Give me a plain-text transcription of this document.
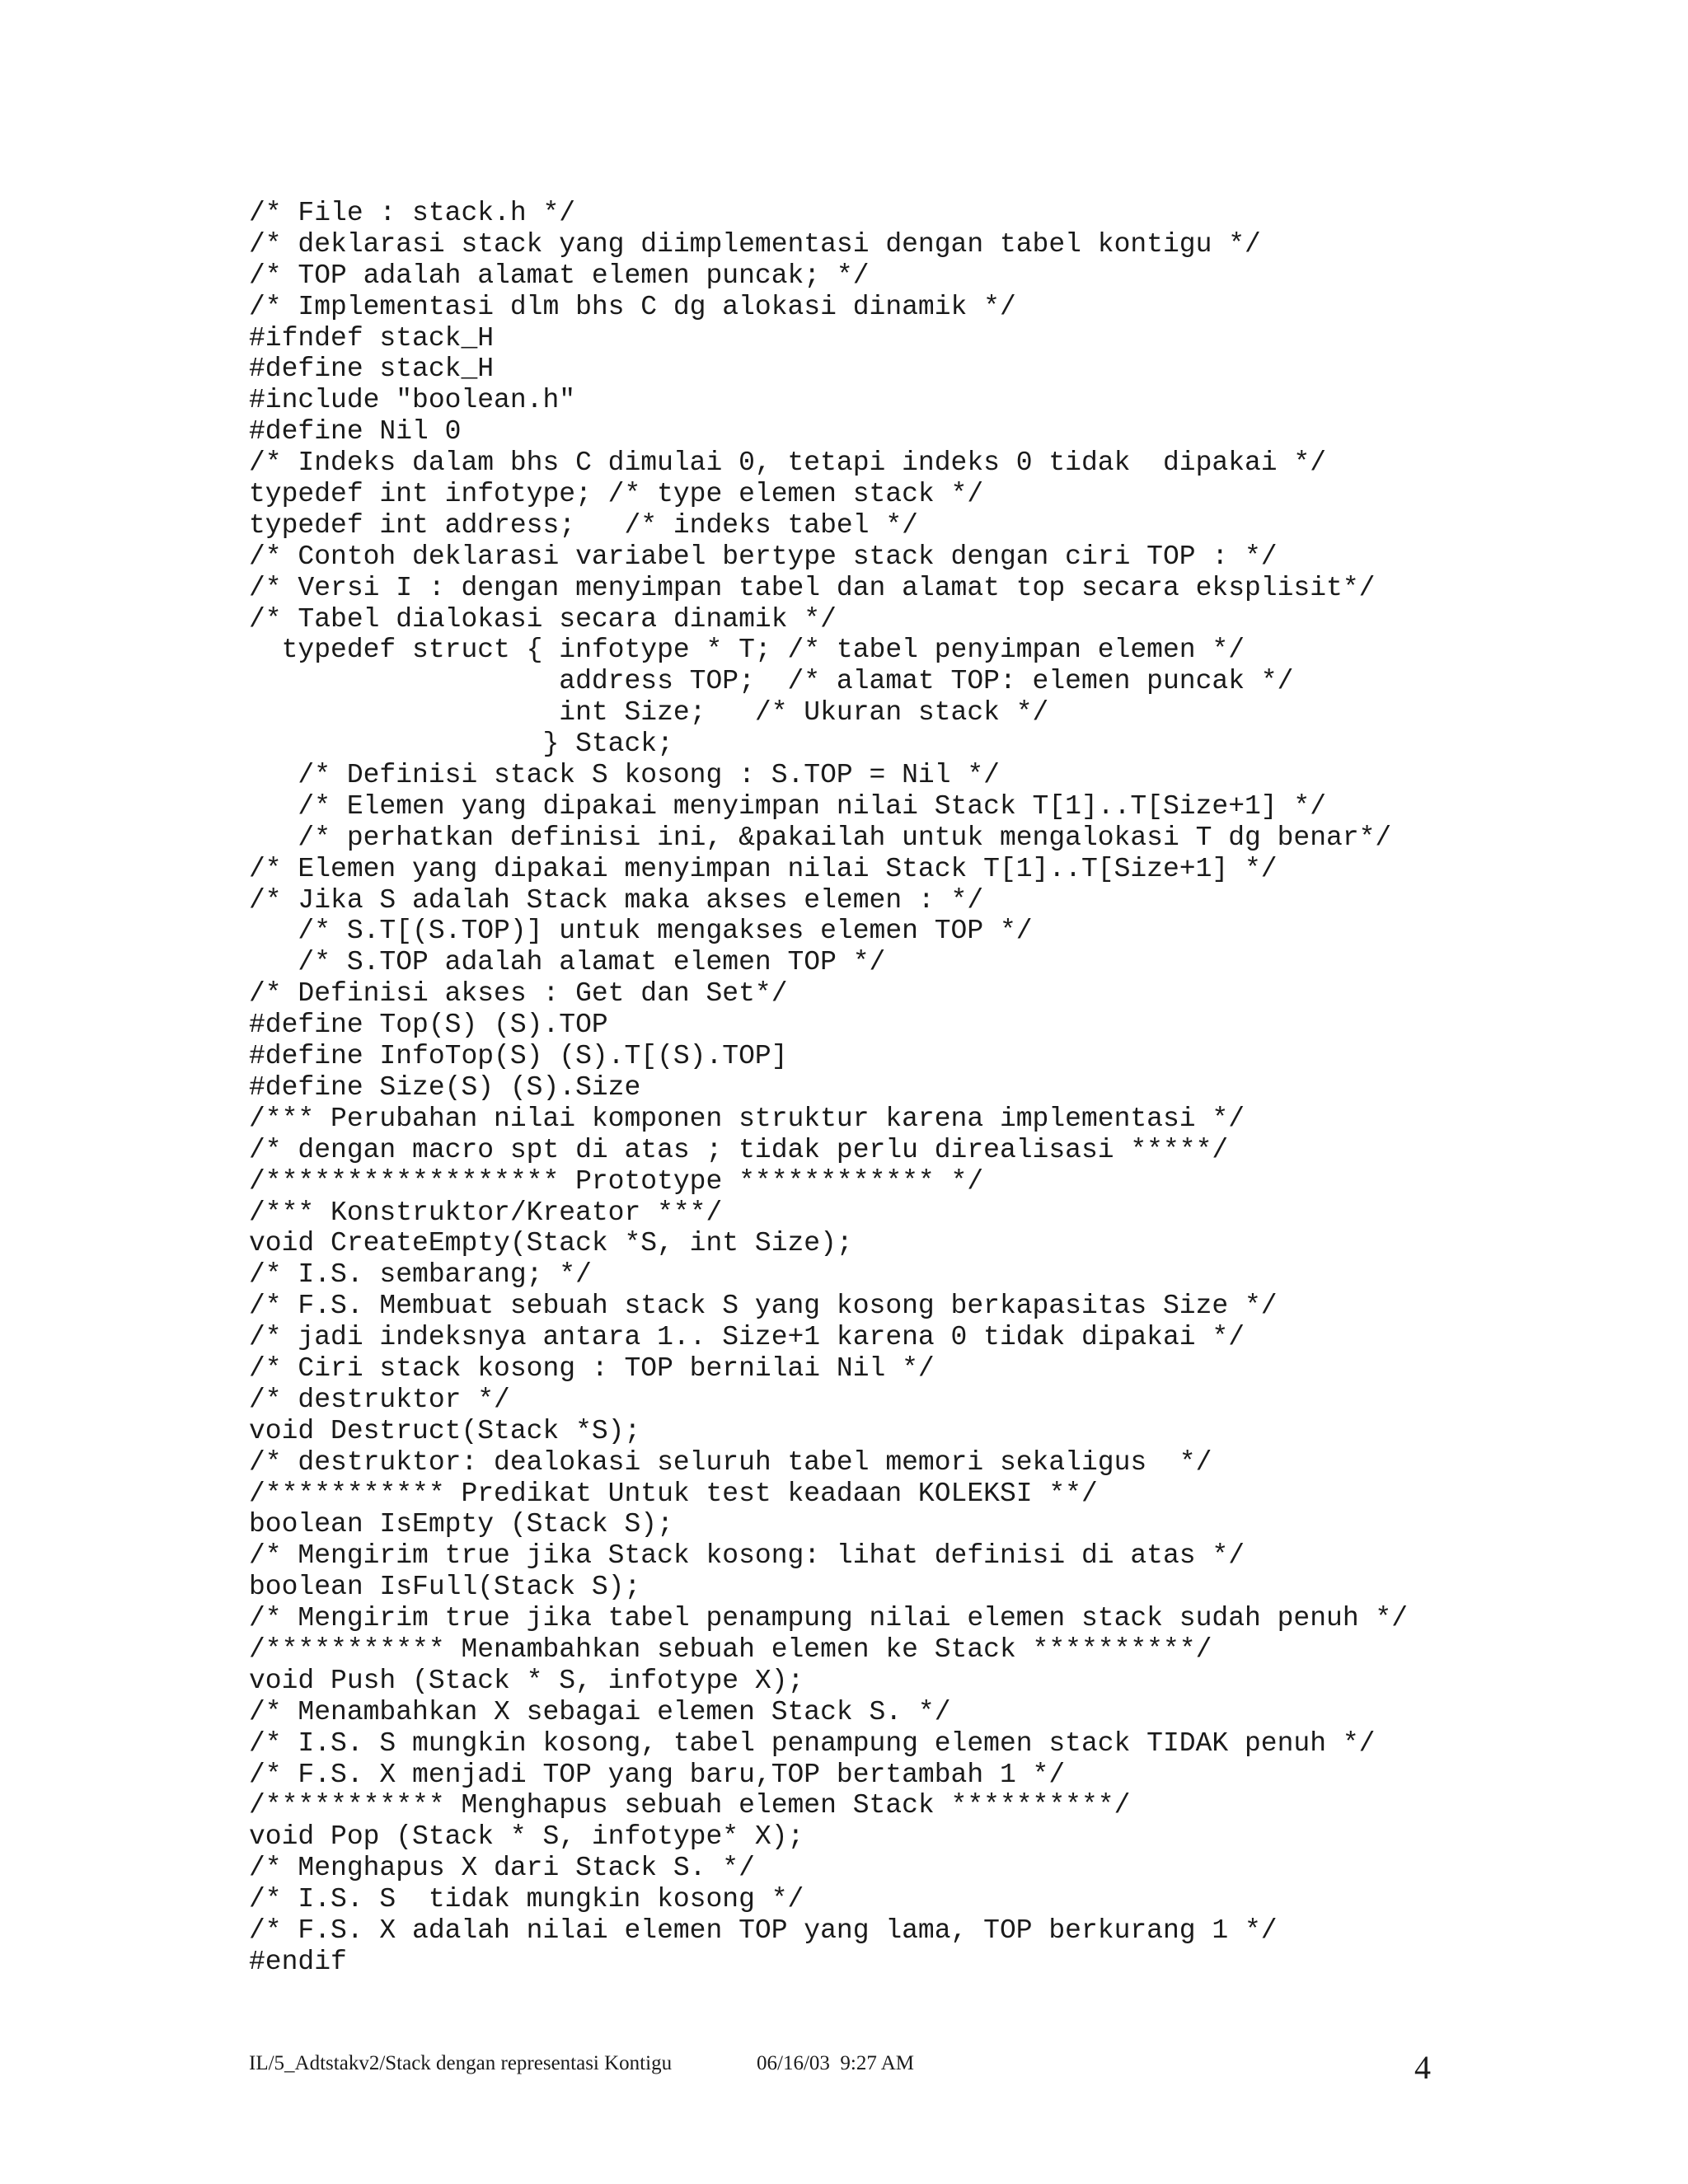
/* File : stack.h */
/* deklarasi stack yang diimplementasi dengan tabel kontigu */
/* TOP adalah alamat elemen puncak; */
/* Implementasi dlm bhs C dg alokasi dinamik */
#ifndef stack_H
#define stack_H
#include "boolean.h"
#define Nil 0
/* Indeks dalam bhs C dimulai 0, tetapi indeks 0 tidak  dipakai */
typedef int infotype; /* type elemen stack */
typedef int address;   /* indeks tabel */
/* Contoh deklarasi variabel bertype stack dengan ciri TOP : */
/* Versi I : dengan menyimpan tabel dan alamat top secara eksplisit*/
/* Tabel dialokasi secara dinamik */
typedef struct { infotype * T; /* tabel penyimpan elemen */
address TOP;  /* alamat TOP: elemen puncak */
int Size;   /* Ukuran stack */
} Stack;
/* Definisi stack S kosong : S.TOP = Nil */
/* Elemen yang dipakai menyimpan nilai Stack T[1]..T[Size+1] */
/* perhatkan definisi ini, &pakailah untuk mengalokasi T dg benar*/
/* Elemen yang dipakai menyimpan nilai Stack T[1]..T[Size+1] */
/* Jika S adalah Stack maka akses elemen : */
/* S.T[(S.TOP)] untuk mengakses elemen TOP */
/* S.TOP adalah alamat elemen TOP */
/* Definisi akses : Get dan Set*/
#define Top(S) (S).TOP
#define InfoTop(S) (S).T[(S).TOP]
#define Size(S) (S).Size
/*** Perubahan nilai komponen struktur karena implementasi */
/* dengan macro spt di atas ; tidak perlu direalisasi *****/
/****************** Prototype ************ */
/*** Konstruktor/Kreator ***/
void CreateEmpty(Stack *S, int Size);
/* I.S. sembarang; */
/* F.S. Membuat sebuah stack S yang kosong berkapasitas Size */
/* jadi indeksnya antara 1.. Size+1 karena 0 tidak dipakai */
/* Ciri stack kosong : TOP bernilai Nil */
/* destruktor */
void Destruct(Stack *S);
/* destruktor: dealokasi seluruh tabel memori sekaligus  */
/*********** Predikat Untuk test keadaan KOLEKSI **/
boolean IsEmpty (Stack S);
/* Mengirim true jika Stack kosong: lihat definisi di atas */
boolean IsFull(Stack S);
/* Mengirim true jika tabel penampung nilai elemen stack sudah penuh */
/*********** Menambahkan sebuah elemen ke Stack **********/
void Push (Stack * S, infotype X);
/* Menambahkan X sebagai elemen Stack S. */
/* I.S. S mungkin kosong, tabel penampung elemen stack TIDAK penuh */
/* F.S. X menjadi TOP yang baru,TOP bertambah 1 */
/*********** Menghapus sebuah elemen Stack **********/
void Pop (Stack * S, infotype* X);
/* Menghapus X dari Stack S. */
/* I.S. S  tidak mungkin kosong */
/* F.S. X adalah nilai elemen TOP yang lama, TOP berkurang 1 */
#endif
IL/5_Adtstakv2/Stack dengan representasi Kontigu	06/16/03  9:27 AM	4
